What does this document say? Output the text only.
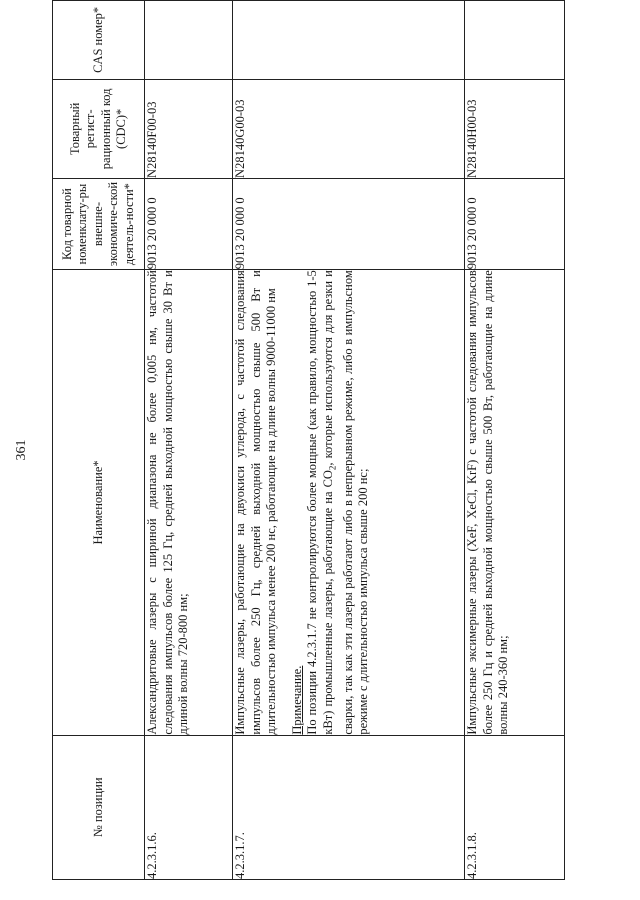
361
№ позиции	Наименование*	Код товарной номенклату-ры внешне-экономиче-ской деятель-ности*	Товарный регист-рационный код (CDC)*	CAS номер*
4.2.3.1.6.	Александритовые лазеры с шириной диапазона не более 0,005 нм, частотой следования импульсов более 125 Гц, средней выходной мощностью свыше 30 Вт и длиной волны 720-800 нм;	9013 20 000 0	N28140F00-03	
4.2.3.1.7.	Импульсные лазеры, работающие на двуокиси углерода, с частотой следования импульсов более 250 Гц, средней выходной мощностью свыше 500 Вт и длительностью импульса менее 200 нс, работающие на длине волны 9000-11000 нм Примечание. По позиции 4.2.3.1.7 не контролируются более мощные (как правило, мощностью 1-5 кВт) промышленные лазеры, работающие на $CO_2$, которые используются для резки и сварки, так как эти лазеры работают либо в непрерывном режиме, либо в импульсном режиме с длительностью импульса свыше 200 нс;	9013 20 000 0	N28140G00-03	
4.2.3.1.8.	Импульсные эксимерные лазеры (XeF, XeCl, KrF) с частотой следования импульсов более 250 Гц и средней выходной мощностью свыше 500 Вт, работающие на длине волны 240-360 нм;	9013 20 000 0	N28140H00-03	
